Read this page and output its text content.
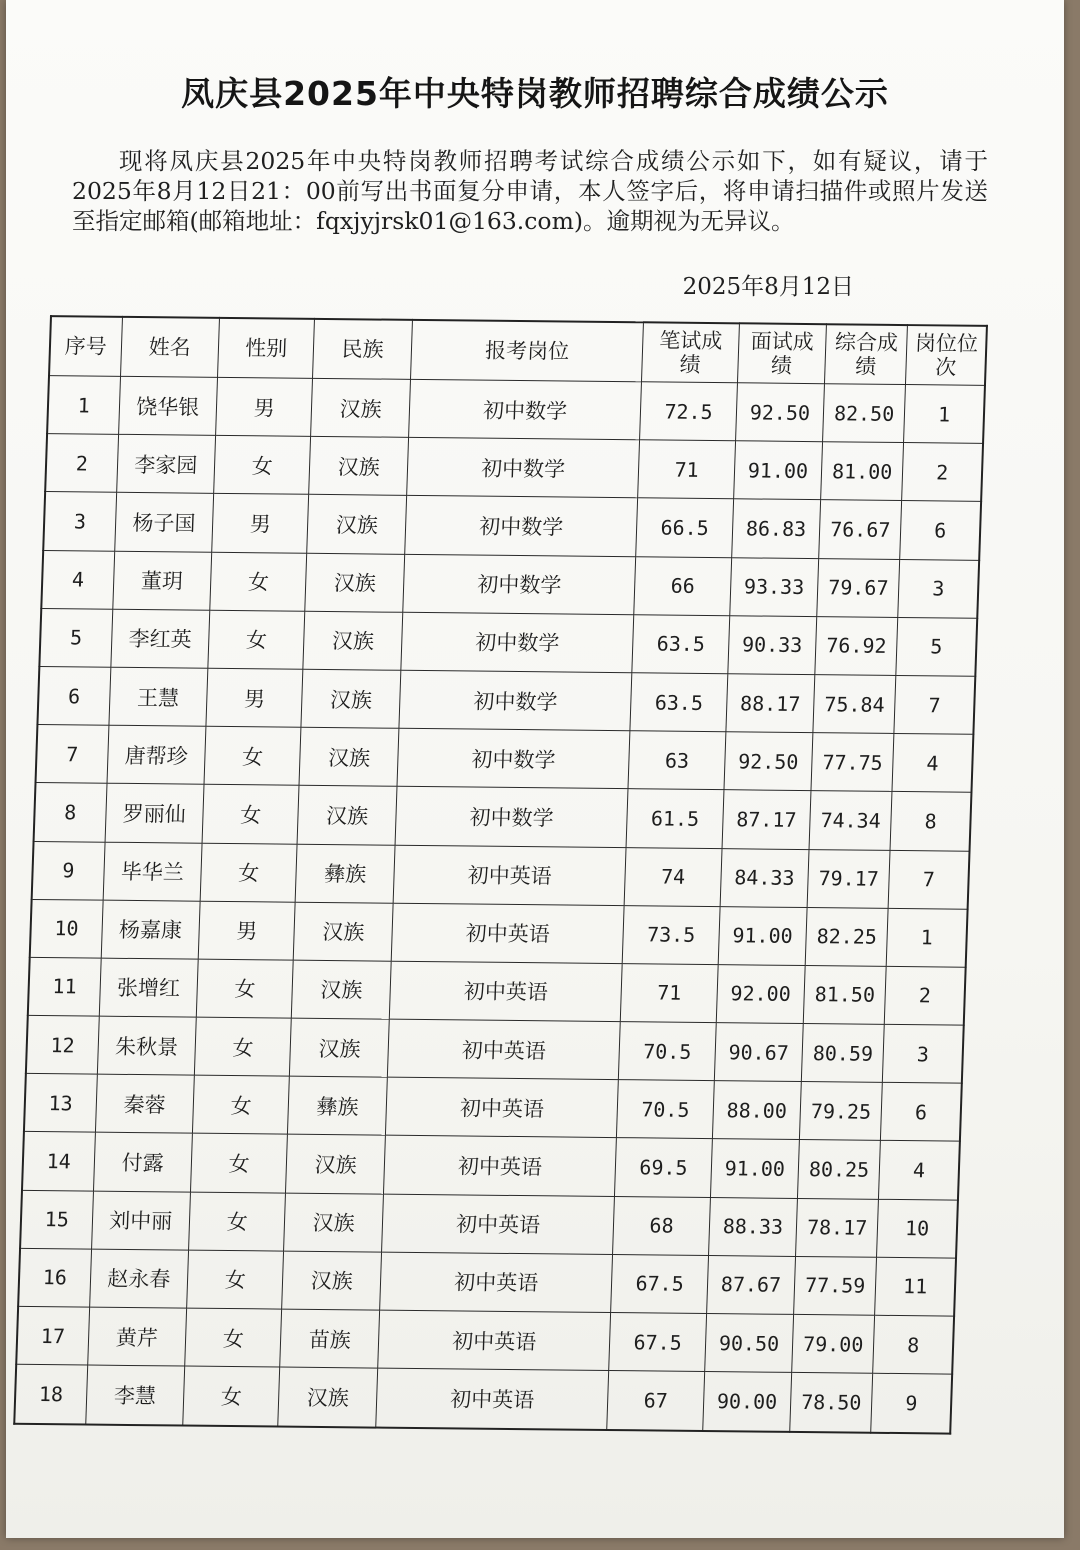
凤庆县2025年中央特岗教师招聘综合成绩公示
现将凤庆县2025年中央特岗教师招聘考试综合成绩公示如下，如有疑议，请于2025年8月12日21：00前写出书面复分申请，本人签字后，将申请扫描件或照片发送至指定邮箱(邮箱地址：fqxjyjrsk01@163.com)。逾期视为无异议。
2025年8月12日
序号	姓名	性别	民族	报考岗位	笔试成
绩	面试成
绩	综合成
绩	岗位位
次

1	饶华银	男	汉族	初中数学	72.5	92.50	82.50	1
2	李家园	女	汉族	初中数学	71	91.00	81.00	2
3	杨子国	男	汉族	初中数学	66.5	86.83	76.67	6
4	董玥	女	汉族	初中数学	66	93.33	79.67	3
5	李红英	女	汉族	初中数学	63.5	90.33	76.92	5
6	王慧	男	汉族	初中数学	63.5	88.17	75.84	7
7	唐帮珍	女	汉族	初中数学	63	92.50	77.75	4
8	罗丽仙	女	汉族	初中数学	61.5	87.17	74.34	8
9	毕华兰	女	彝族	初中英语	74	84.33	79.17	7
10	杨嘉康	男	汉族	初中英语	73.5	91.00	82.25	1
11	张增红	女	汉族	初中英语	71	92.00	81.50	2
12	朱秋景	女	汉族	初中英语	70.5	90.67	80.59	3
13	秦蓉	女	彝族	初中英语	70.5	88.00	79.25	6
14	付露	女	汉族	初中英语	69.5	91.00	80.25	4
15	刘中丽	女	汉族	初中英语	68	88.33	78.17	10
16	赵永春	女	汉族	初中英语	67.5	87.67	77.59	11
17	黄芹	女	苗族	初中英语	67.5	90.50	79.00	8
18	李慧	女	汉族	初中英语	67	90.00	78.50	9
